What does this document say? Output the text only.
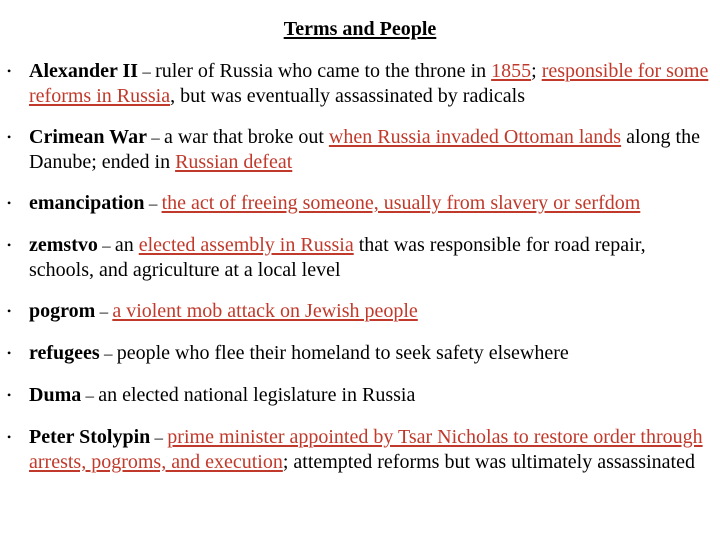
Terms and People
• Alexander II – ruler of Russia who came to the throne in 1855; responsible for some reforms in Russia, but was eventually assassinated by radicals
• Crimean War – a war that broke out when Russia invaded Ottoman lands along the Danube; ended in Russian defeat
• emancipation – the act of freeing someone, usually from slavery or serfdom
• zemstvo – an elected assembly in Russia that was responsible for road repair, schools, and agriculture at a local level
• pogrom – a violent mob attack on Jewish people
• refugees – people who flee their homeland to seek safety elsewhere
• Duma – an elected national legislature in Russia
• Peter Stolypin – prime minister appointed by Tsar Nicholas to restore order through arrests, pogroms, and execution; attempted reforms but was ultimately assassinated
